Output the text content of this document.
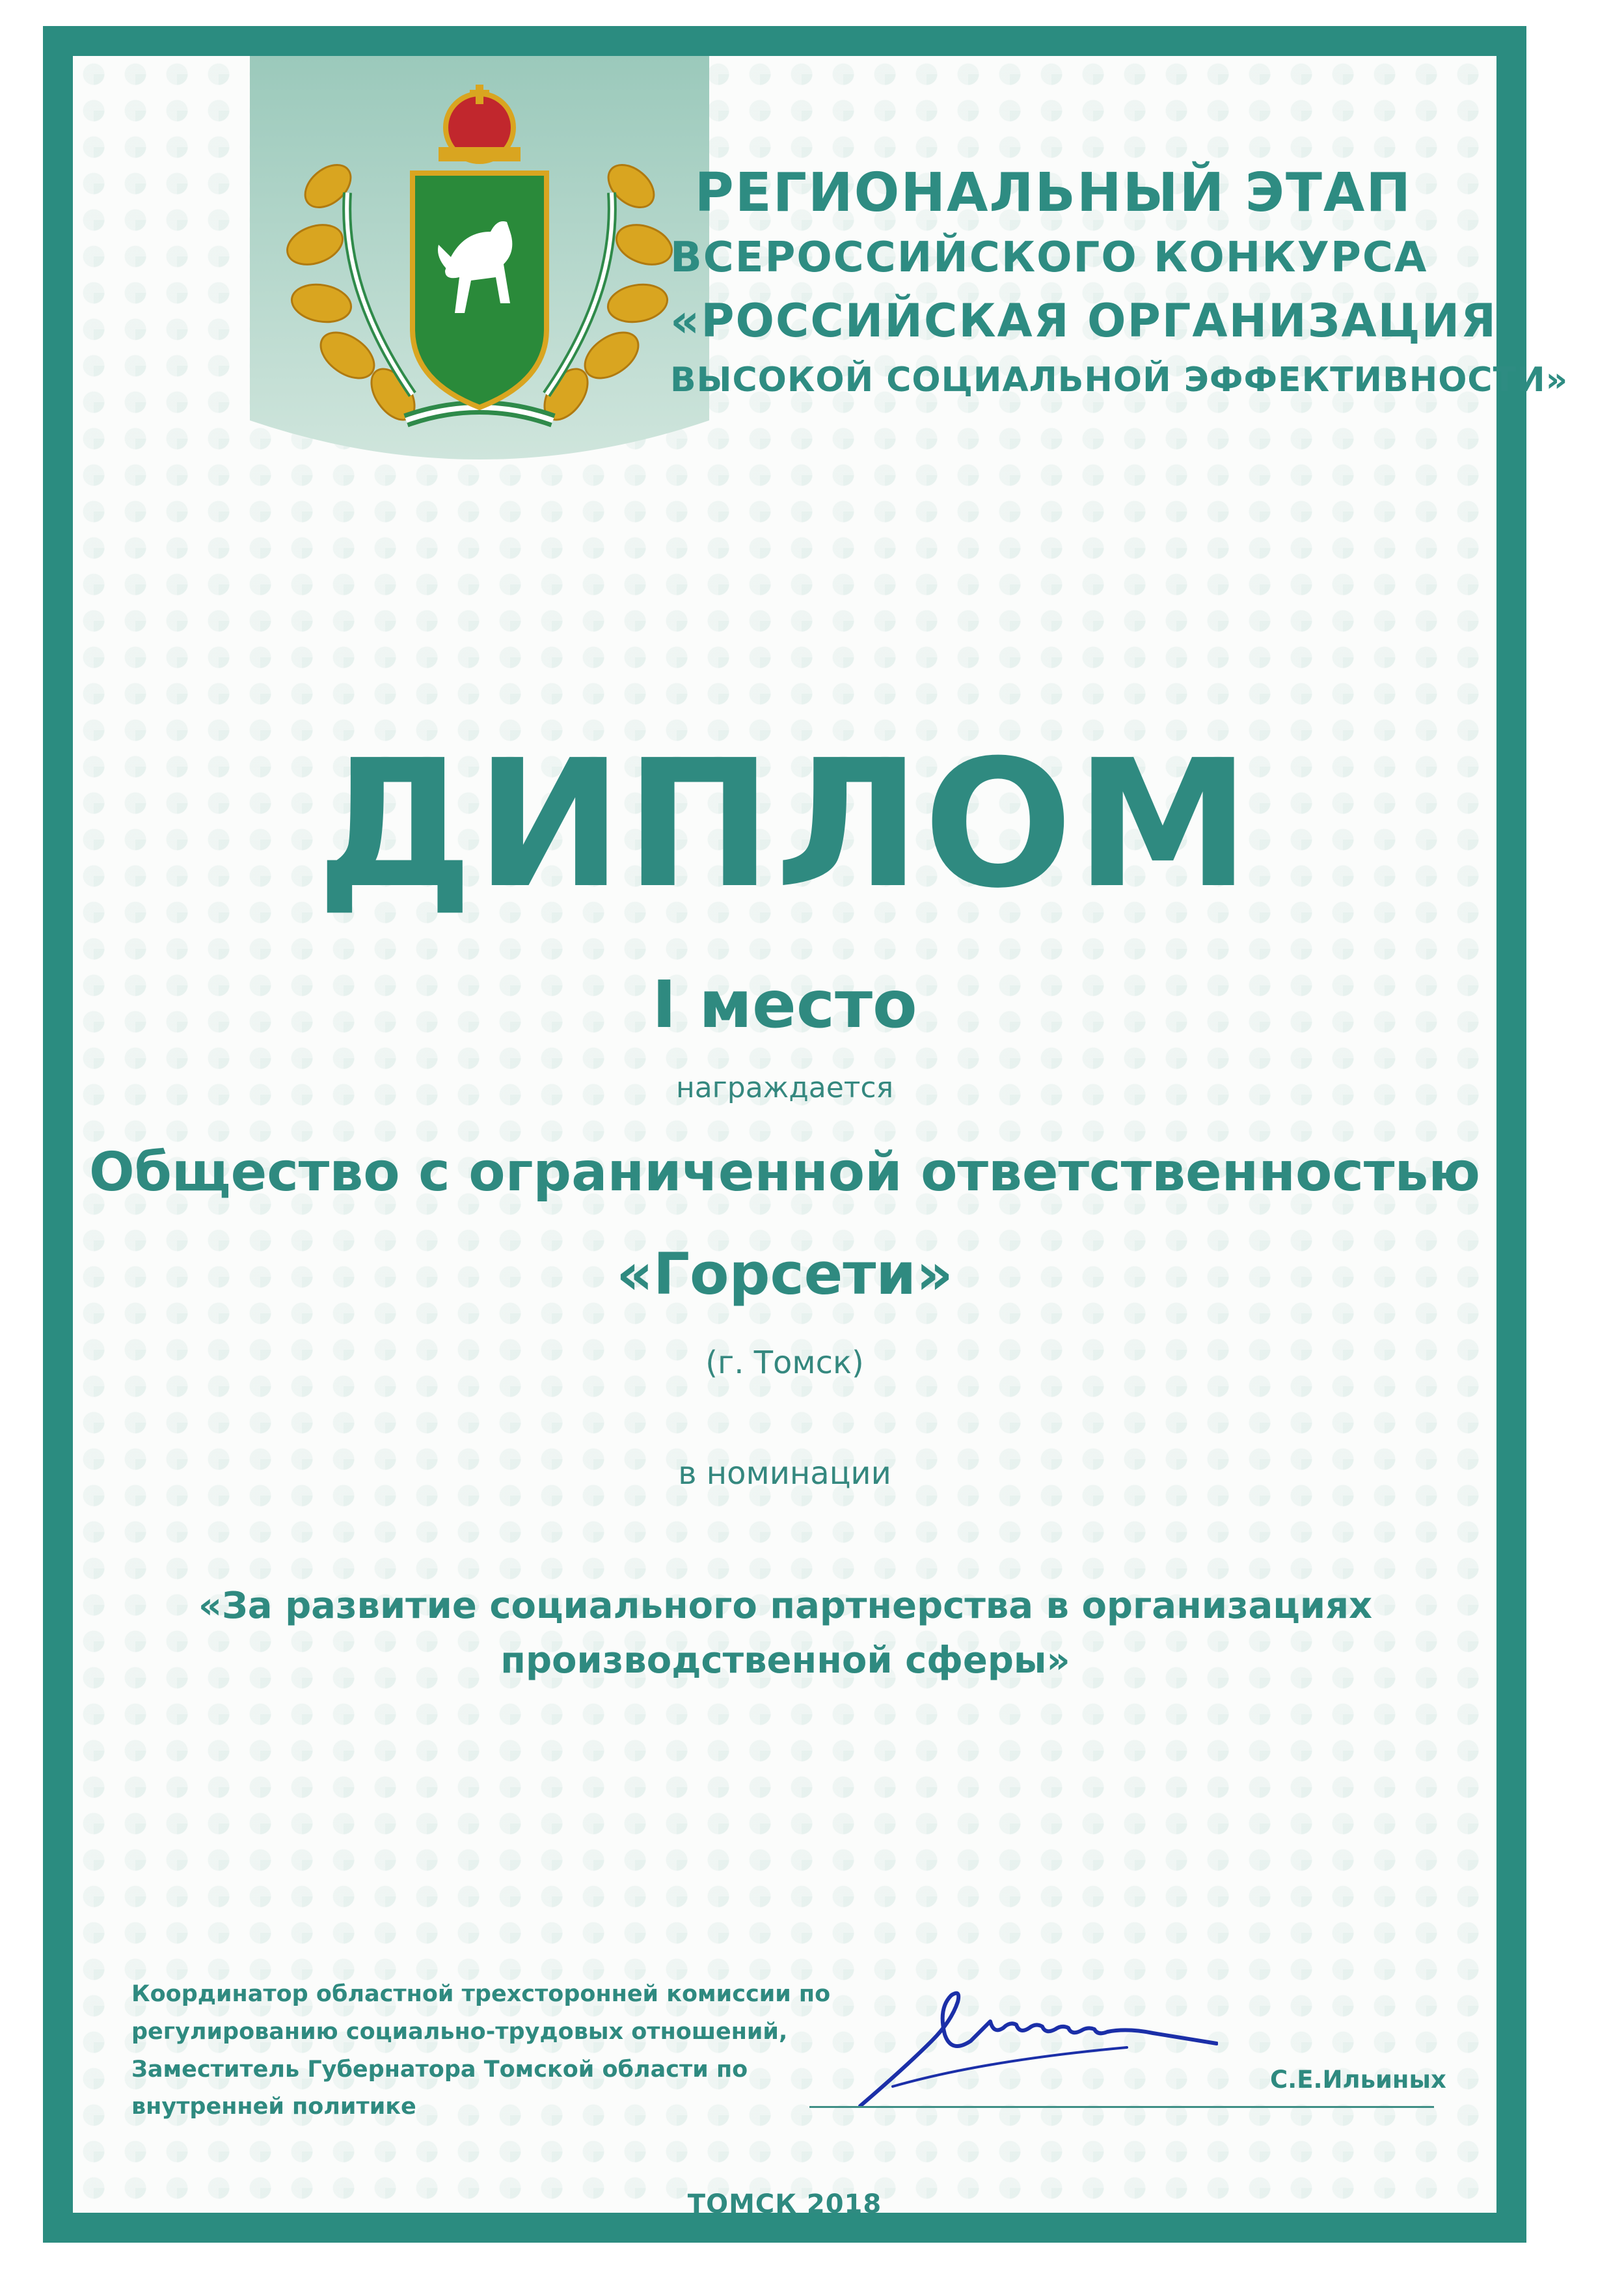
РЕГИОНАЛЬНЫЙ ЭТАП
ВСЕРОССИЙСКОГО КОНКУРСА
«РОССИЙСКАЯ ОРГАНИЗАЦИЯ
ВЫСОКОЙ СОЦИАЛЬНОЙ ЭФФЕКТИВНОСТИ»
ДИПЛОМ
I место
награждается
Общество с ограниченной ответственностью
«Горсети»
(г. Томск)
в номинации
«За развитие социального партнерства в организациях производственной сферы»
Координатор областной трехсторонней комиссии по
регулированию социально-трудовых отношений,
Заместитель Губернатора Томской области по
внутренней политике
С.Е.Ильиных
ТОМСК 2018
